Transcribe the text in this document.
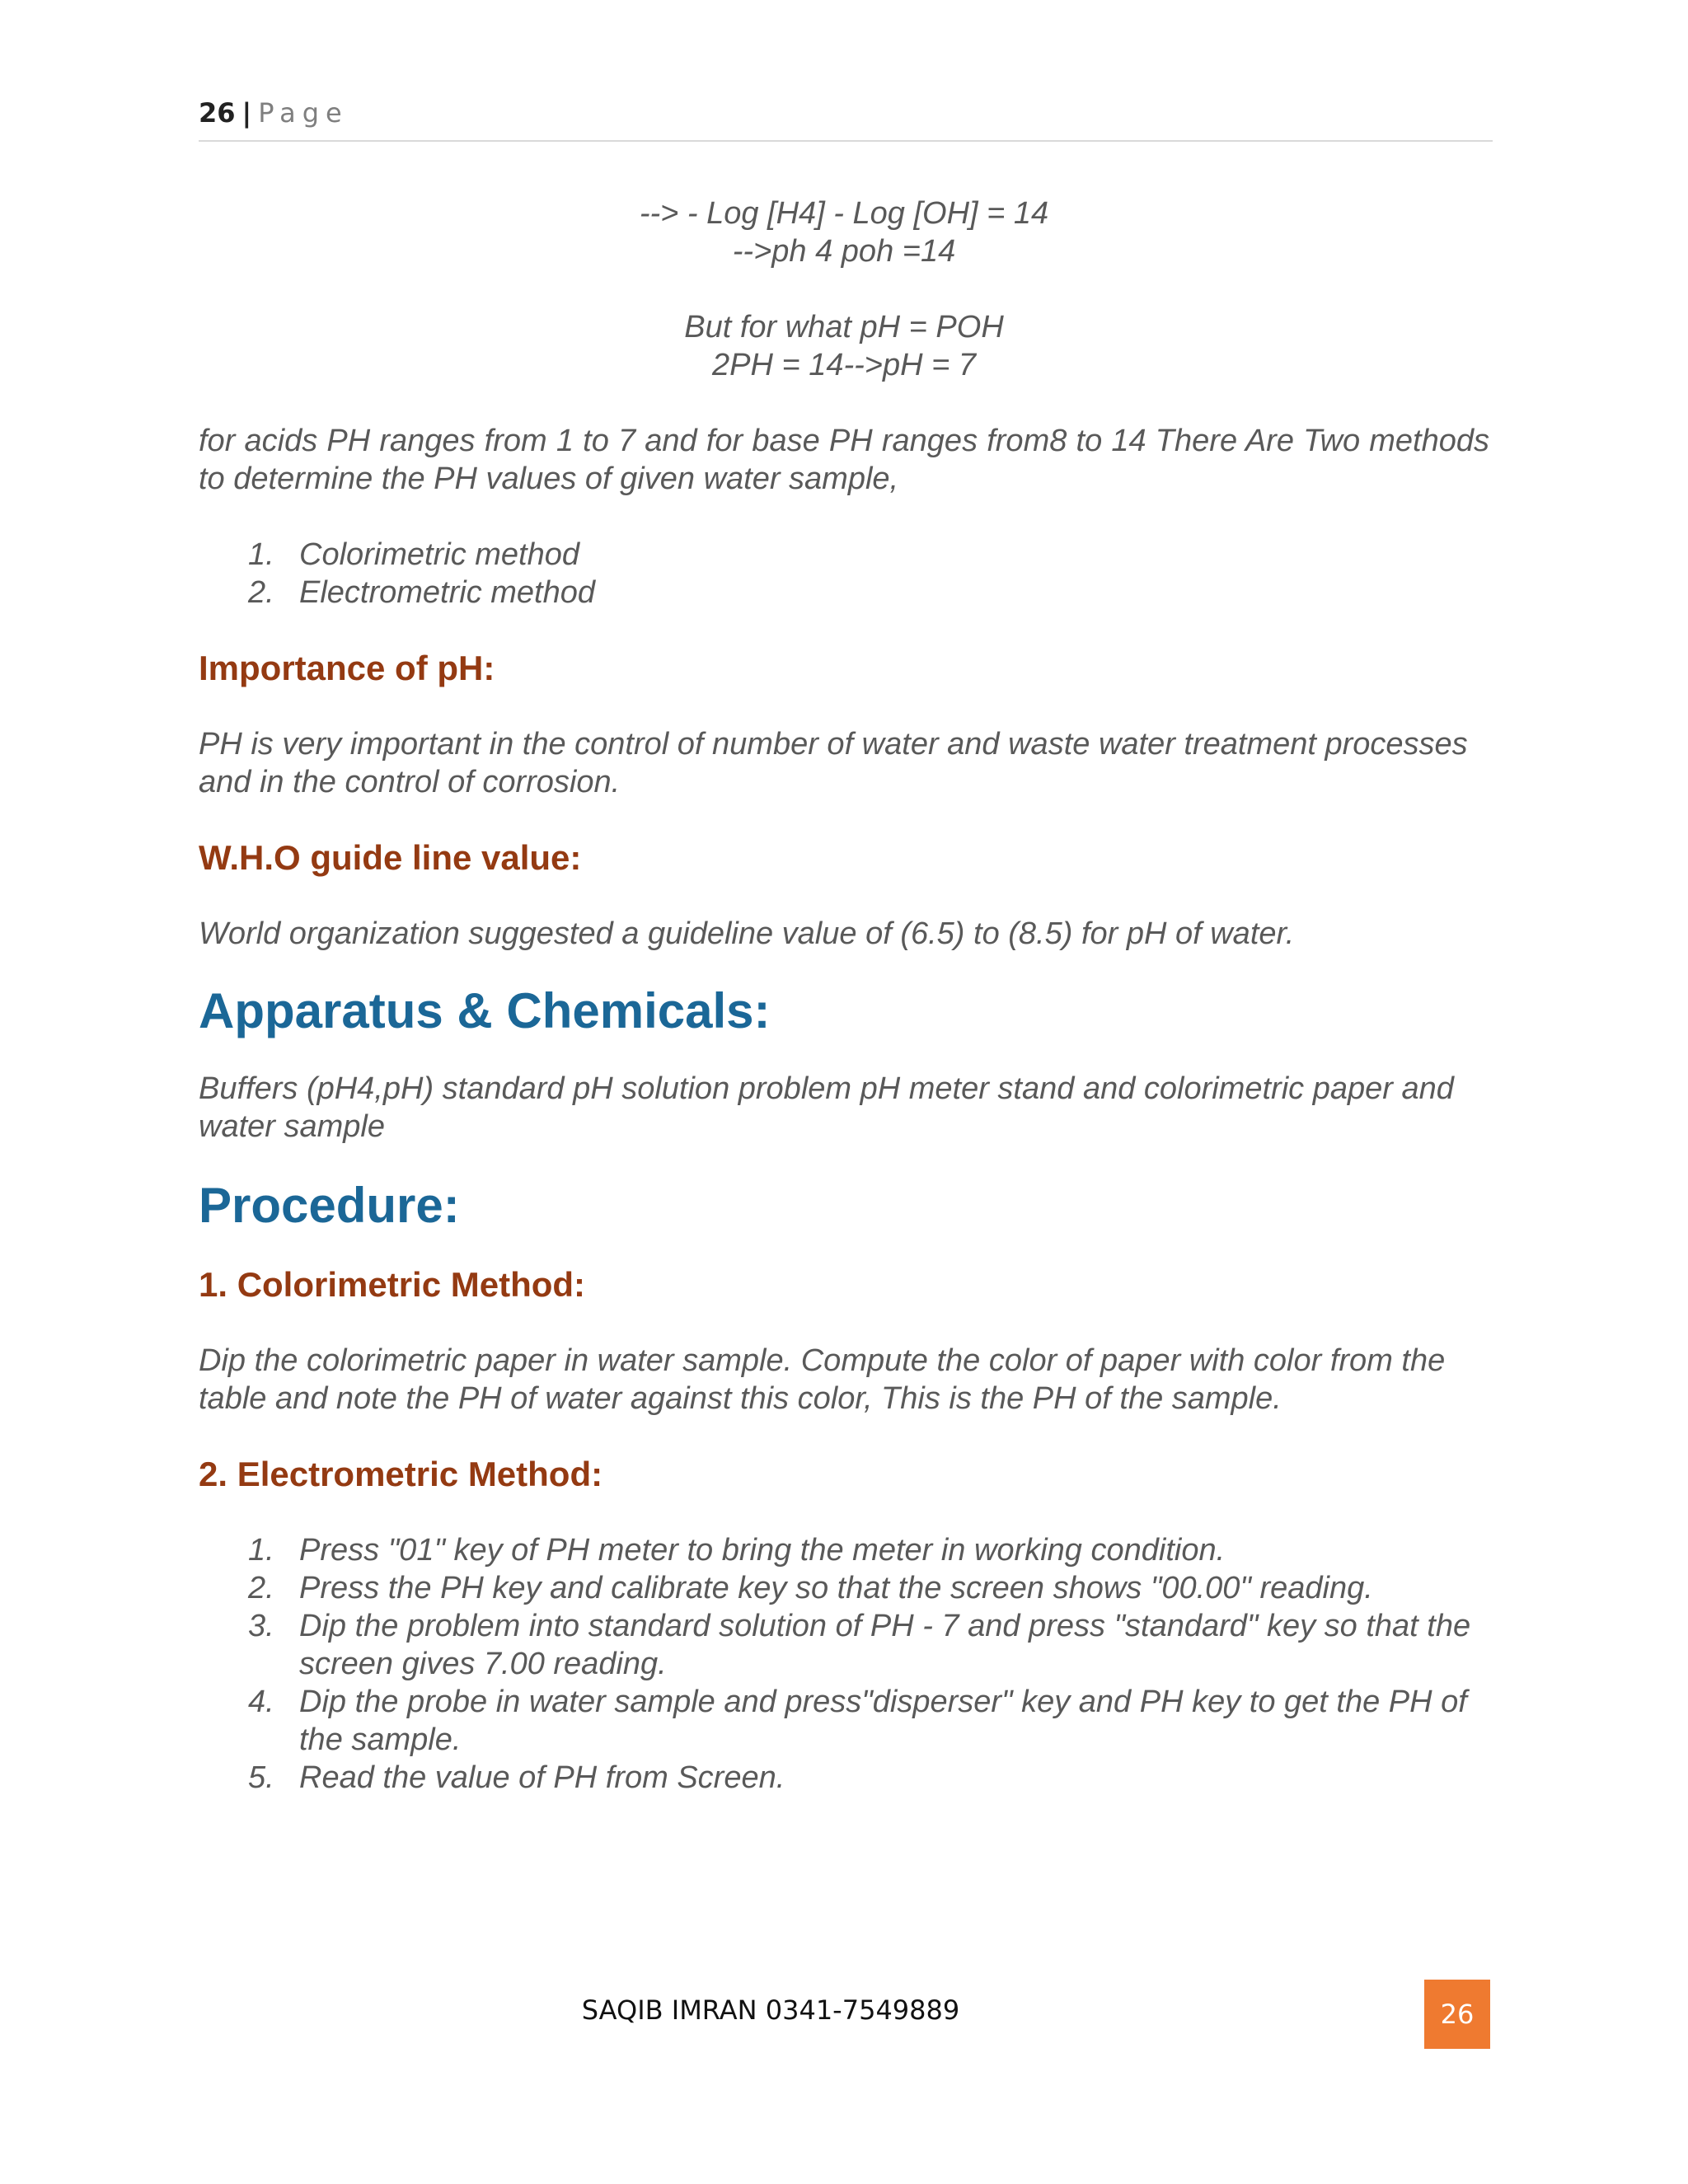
26 | Page
--> - Log [H4] - Log [OH] = 14
-->ph 4 poh =14
But for what pH = POH
2PH = 14-->pH = 7
for acids PH ranges from 1 to 7 and for base PH ranges from8 to 14 There Are Two methods to determine the PH values of given water sample,
1. Colorimetric method
2. Electrometric method
Importance of pH:
PH is very important in the control of number of water and waste water treatment processes and in the control of corrosion.
W.H.O guide line value:
World organization suggested a guideline value of (6.5) to (8.5) for pH of water.
Apparatus & Chemicals:
Buffers (pH4,pH) standard pH solution problem pH meter stand and colorimetric paper and water sample
Procedure:
1. Colorimetric Method:
Dip the colorimetric paper in water sample. Compute the color of paper with color from the table and note the PH of water against this color, This is the PH of the sample.
2. Electrometric Method:
1. Press "01" key of PH meter to bring the meter in working condition.
2. Press the PH key and calibrate key so that the screen shows "00.00" reading.
3. Dip the problem into standard solution of PH - 7 and press "standard" key so that the screen gives 7.00 reading.
4. Dip the probe in water sample and press"disperser" key and PH key to get the PH of the sample.
5. Read the value of PH from Screen.
SAQIB IMRAN 0341-7549889	26
